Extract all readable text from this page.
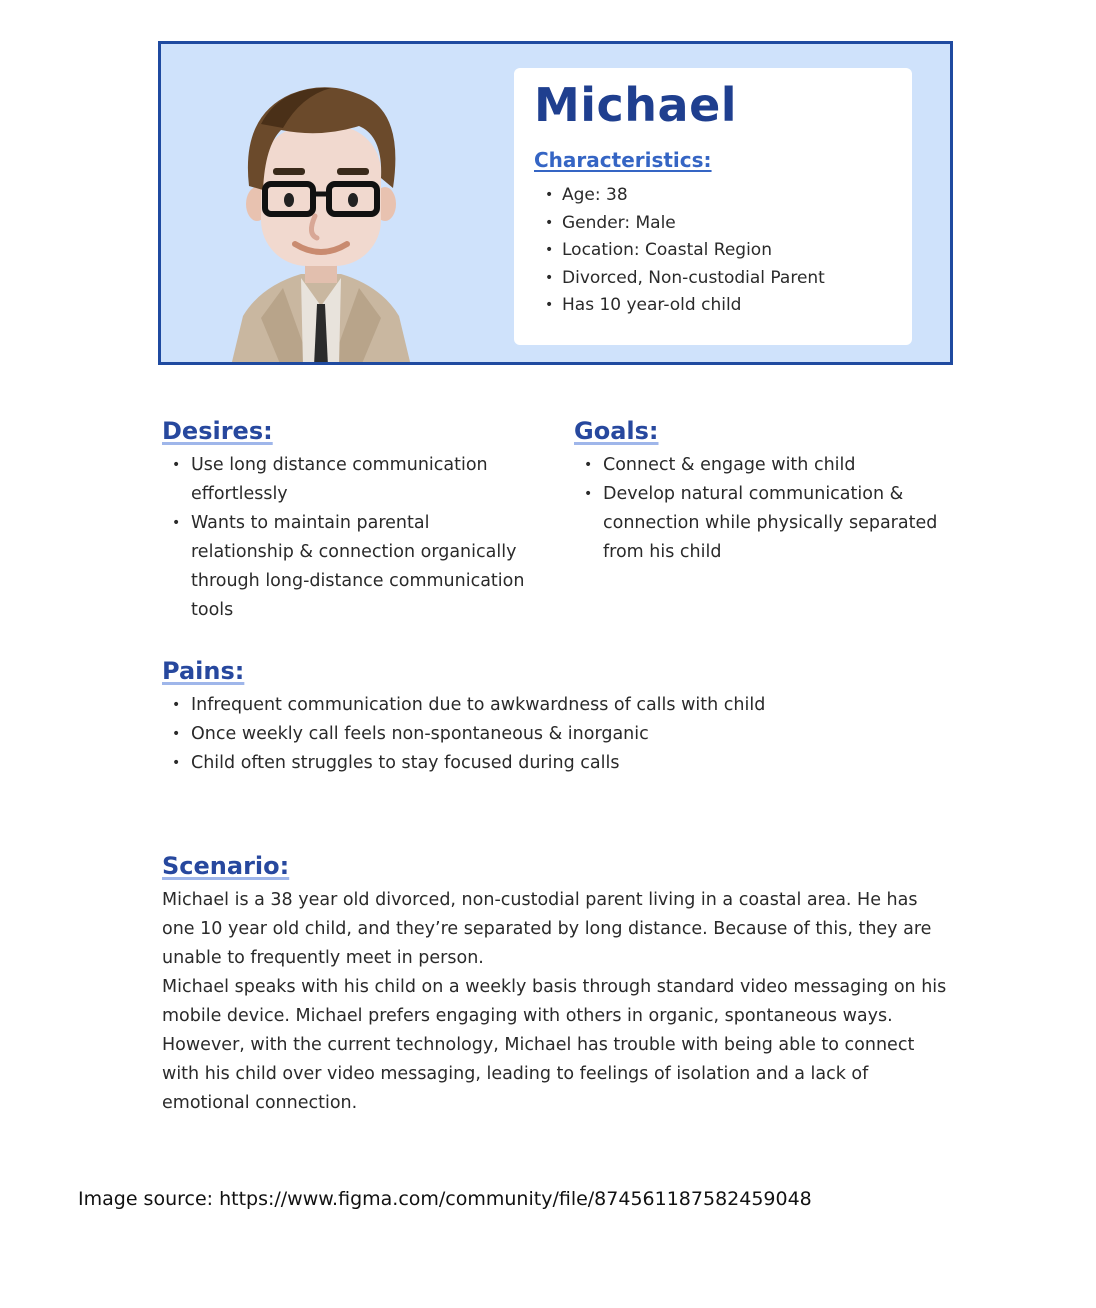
Michael
Characteristics:
• Age: 38
• Gender: Male
• Location: Coastal Region
• Divorced, Non-custodial Parent
• Has 10 year-old child
Desires:
• Use long distance communication effortlessly
• Wants to maintain parental relationship & connection organically through long-distance communication tools
Goals:
• Connect & engage with child
• Develop natural communication & connection while physically separated from his child
Pains:
• Infrequent communication due to awkwardness of calls with child
• Once weekly call feels non-spontaneous & inorganic
• Child often struggles to stay focused during calls
Scenario:

Michael is a 38 year old divorced, non-custodial parent living in a coastal area. He has one 10 year old child, and they’re separated by long distance. Because of this, they are unable to frequently meet in person.

Michael speaks with his child on a weekly basis through standard video messaging on his mobile device. Michael prefers engaging with others in organic, spontaneous ways. However, with the current technology, Michael has trouble with being able to connect with his child over video messaging, leading to feelings of isolation and a lack of emotional connection.

Image source: https://www.figma.com/community/file/874561187582459048
